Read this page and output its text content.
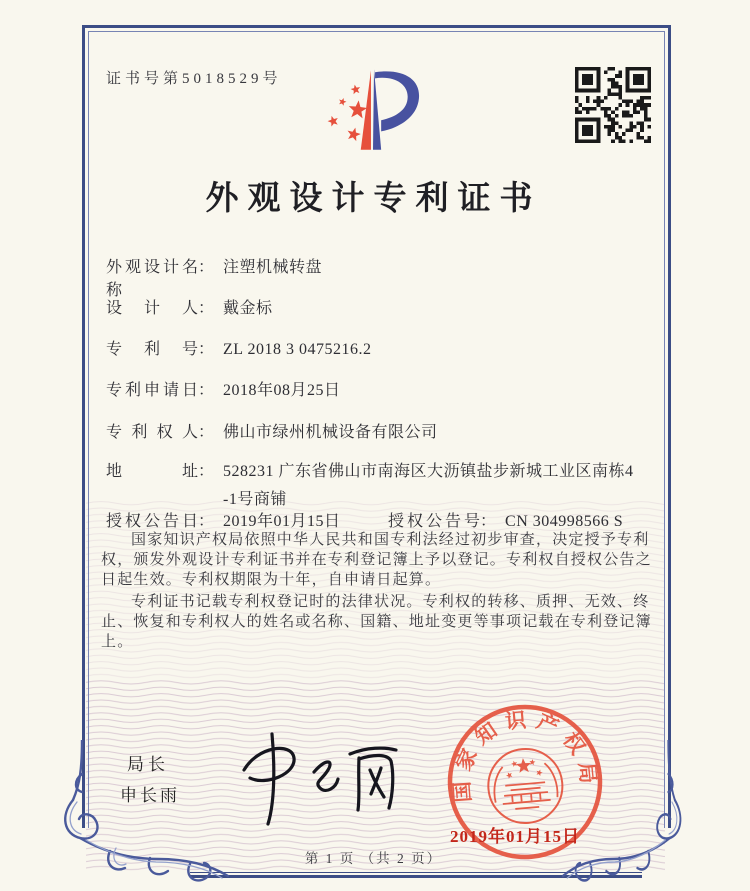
证书号第5018529号
外观设计专利证书
外观设计名称： 注塑机械转盘
设计人： 戴金标
专利号： ZL 2018 3 0475216.2
专利申请日： 2018年08月25日
专利权人： 佛山市绿州机械设备有限公司
地址： 528231 广东省佛山市南海区大沥镇盐步新城工业区南栋4
-1号商铺
授权公告日： 2019年01月15日	授权公告号： CN 304998566 S

国家知识产权局依照中华人民共和国专利法经过初步审查，决定授予专利权，颁发外观设计专利证书并在专利登记簿上予以登记。专利权自授权公告之日起生效。专利权期限为十年，自申请日起算。

专利证书记载专利权登记时的法律状况。专利权的转移、质押、无效、终止、恢复和专利权人的姓名或名称、国籍、地址变更等事项记载在专利登记簿上。

局长
申长雨	国家知识产权局
2019年01月15日
第 1 页 （共 2 页）
